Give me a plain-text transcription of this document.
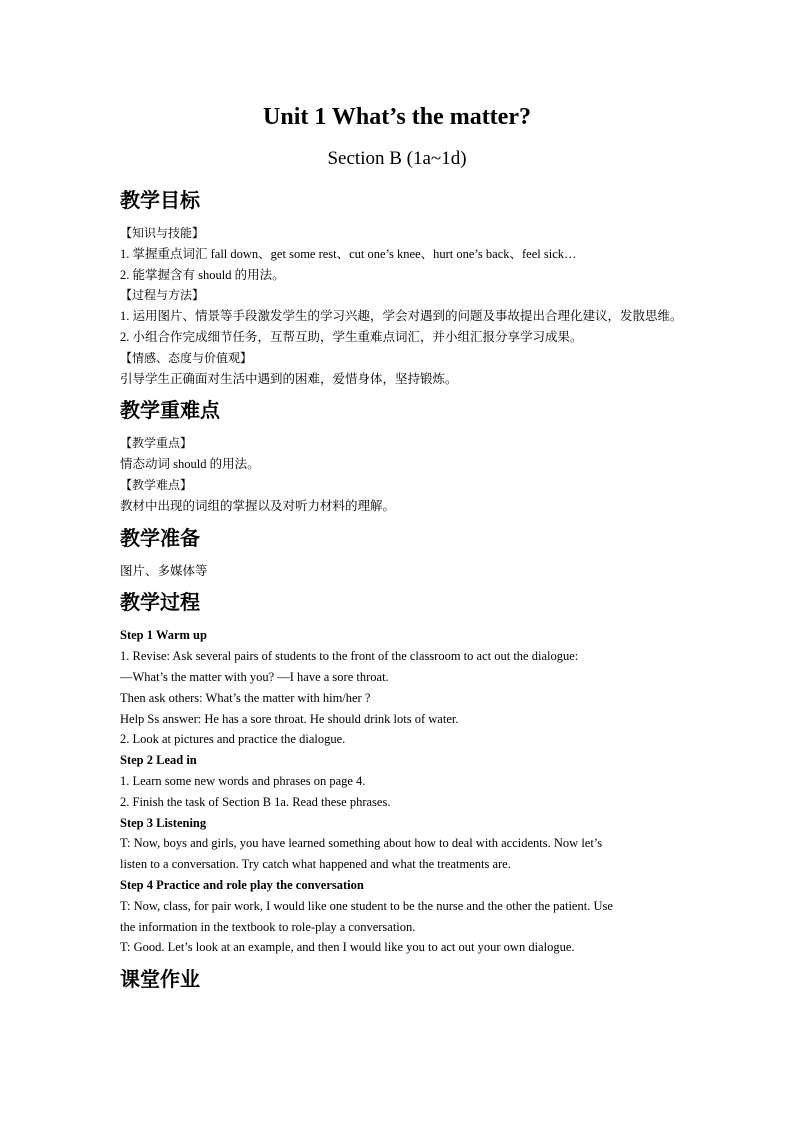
Unit 1 What’s the matter?
Section B (1a~1d)
教学目标

【知识与技能】

1. 掌握重点词汇 fall down、get some rest、cut one’s knee、hurt one’s back、feel sick…

2. 能掌握含有 should 的用法。

【过程与方法】

1. 运用图片、情景等手段激发学生的学习兴趣，学会对遇到的问题及事故提出合理化建议，发散思维。

2. 小组合作完成细节任务，互帮互助，学生重难点词汇，并小组汇报分享学习成果。

【情感、态度与价值观】

引导学生正确面对生活中遇到的困难，爱惜身体，坚持锻炼。

教学重难点

【教学重点】

情态动词 should 的用法。

【教学难点】

教材中出现的词组的掌握以及对听力材料的理解。

教学准备

图片、多媒体等

教学过程

Step 1 Warm up

1. Revise: Ask several pairs of students to the front of the classroom to act out the dialogue:

—What’s the matter with you? —I have a sore throat.

Then ask others: What’s the matter with him/her ?

Help Ss answer: He has a sore throat. He should drink lots of water.

2. Look at pictures and practice the dialogue.

Step 2 Lead in

1. Learn some new words and phrases on page 4.

2. Finish the task of Section B 1a. Read these phrases.

Step 3 Listening

T: Now, boys and girls, you have learned something about how to deal with accidents. Now let’s

listen to a conversation. Try catch what happened and what the treatments are.

Step 4 Practice and role play the conversation

T: Now, class, for pair work, I would like one student to be the nurse and the other the patient. Use

the information in the textbook to role-play a conversation.

T: Good. Let’s look at an example, and then I would like you to act out your own dialogue.

课堂作业
